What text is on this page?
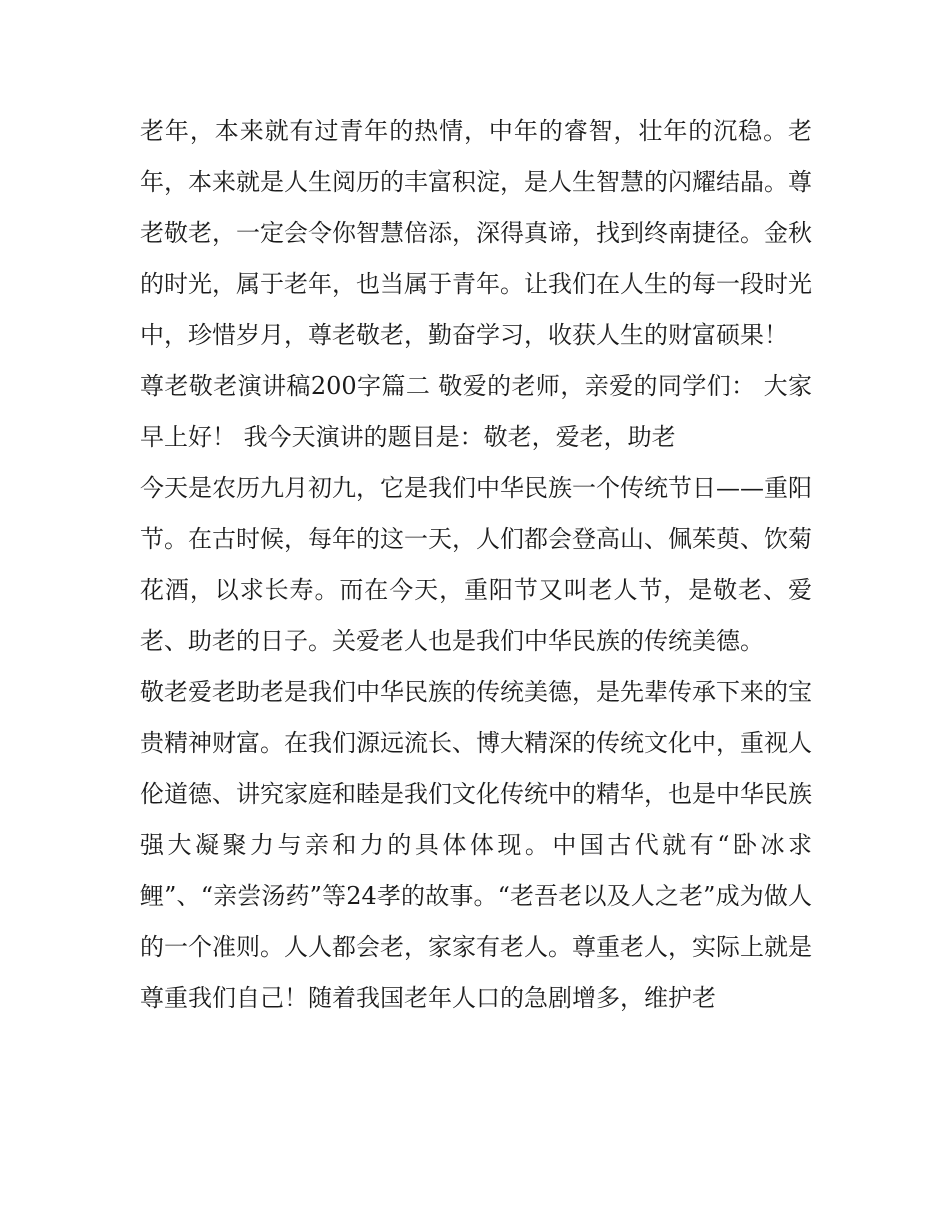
老年，本来就有过青年的热情，中年的睿智，壮年的沉稳。老年，本来就是人生阅历的丰富积淀，是人生智慧的闪耀结晶。尊老敬老，一定会令你智慧倍添，深得真谛，找到终南捷径。金秋的时光，属于老年，也当属于青年。让我们在人生的每一段时光中，珍惜岁月，尊老敬老，勤奋学习，收获人生的财富硕果！

尊老敬老演讲稿200字篇二 敬爱的老师，亲爱的同学们： 大家早上好！ 我今天演讲的题目是：敬老，爱老，助老

今天是农历九月初九，它是我们中华民族一个传统节日——重阳节。在古时候，每年的这一天，人们都会登高山、佩茱萸、饮菊花酒，以求长寿。而在今天，重阳节又叫老人节，是敬老、爱老、助老的日子。关爱老人也是我们中华民族的传统美德。

敬老爱老助老是我们中华民族的传统美德，是先辈传承下来的宝贵精神财富。在我们源远流长、博大精深的传统文化中，重视人伦道德、讲究家庭和睦是我们文化传统中的精华，也是中华民族强大凝聚力与亲和力的具体体现。中国古代就有“卧冰求鲤”、“亲尝汤药”等24孝的故事。“老吾老以及人之老”成为做人的一个准则。人人都会老，家家有老人。尊重老人，实际上就是尊重我们自己！随着我国老年人口的急剧增多，维护老
